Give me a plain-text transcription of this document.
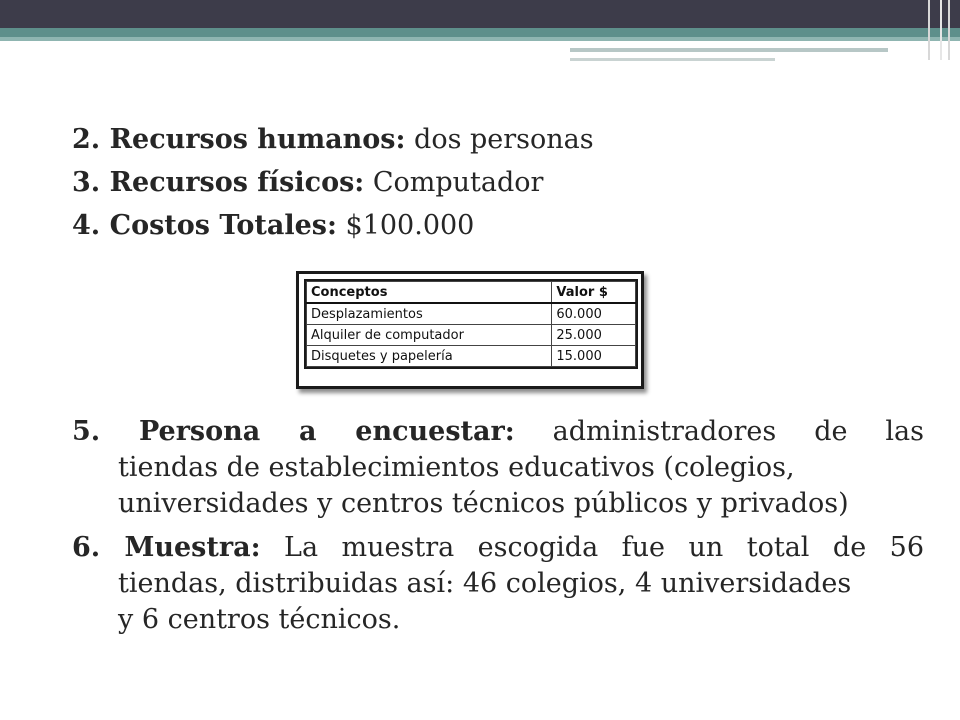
2. Recursos humanos: dos personas
3. Recursos físicos: Computador
4. Costos Totales: $100.000
Conceptos	Valor $
Desplazamientos	60.000
Alquiler de computador	25.000
Disquetes y papelería	15.000
5. Persona a encuestar: administradores de las
tiendas de establecimientos educativos (colegios,
universidades y centros técnicos públicos y privados)
6. Muestra: La muestra escogida fue un total de 56
tiendas, distribuidas así: 46 colegios, 4 universidades
y 6 centros técnicos.
